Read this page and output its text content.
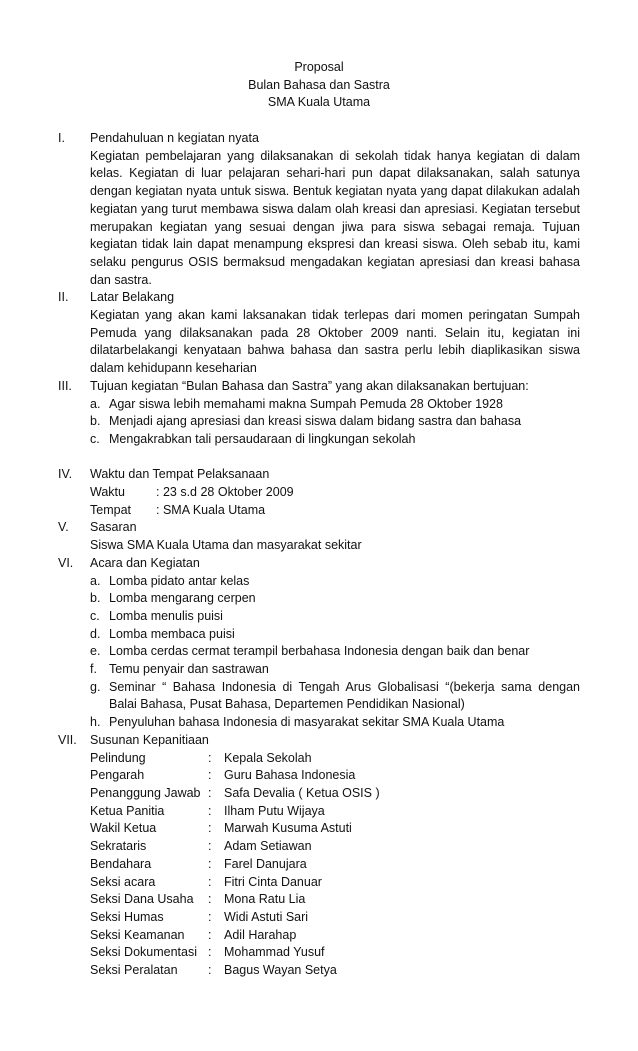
Proposal
Bulan Bahasa dan Sastra
SMA Kuala Utama
I. Pendahuluan n kegiatan nyata
Kegiatan pembelajaran yang dilaksanakan di sekolah tidak hanya kegiatan di dalam kelas. Kegiatan di luar pelajaran sehari-hari pun dapat dilaksanakan, salah satunya dengan kegiatan nyata untuk siswa. Bentuk kegiatan nyata yang dapat dilakukan adalah kegiatan yang turut membawa siswa dalam olah kreasi dan apresiasi. Kegiatan tersebut merupakan kegiatan yang sesuai dengan jiwa para siswa sebagai remaja. Tujuan kegiatan tidak lain dapat menampung ekspresi dan kreasi siswa. Oleh sebab itu, kami selaku pengurus OSIS bermaksud mengadakan kegiatan apresiasi dan kreasi bahasa dan sastra.
II. Latar Belakang
Kegiatan yang akan kami laksanakan tidak terlepas dari momen peringatan Sumpah Pemuda yang dilaksanakan pada 28 Oktober 2009 nanti. Selain itu, kegiatan ini dilatarbelakangi kenyataan bahwa bahasa dan sastra perlu lebih diaplikasikan siswa dalam kehidupann keseharian
III. Tujuan kegiatan “Bulan Bahasa dan Sastra” yang akan dilaksanakan bertujuan:
a. Agar siswa lebih memahami makna Sumpah Pemuda 28 Oktober 1928
b. Menjadi ajang apresiasi dan kreasi siswa dalam bidang sastra dan bahasa
c. Mengakrabkan tali persaudaraan di lingkungan sekolah
IV. Waktu dan Tempat Pelaksanaan
Waktu	: 23 s.d 28 Oktober 2009
Tempat	: SMA Kuala Utama
V. Sasaran
Siswa SMA Kuala Utama dan masyarakat sekitar
VI. Acara dan Kegiatan
a. Lomba pidato antar kelas
b. Lomba mengarang cerpen
c. Lomba menulis puisi
d. Lomba membaca puisi
e. Lomba cerdas cermat terampil berbahasa Indonesia dengan baik dan benar
f. Temu penyair dan sastrawan
g. Seminar “ Bahasa Indonesia di Tengah Arus Globalisasi “(bekerja sama dengan Balai Bahasa, Pusat Bahasa, Departemen Pendidikan Nasional)
h. Penyuluhan bahasa Indonesia di masyarakat sekitar SMA Kuala Utama
VII. Susunan Kepanitiaan
Pelindung	:	Kepala Sekolah
Pengarah	:	Guru Bahasa Indonesia
Penanggung Jawab :	Safa Devalia ( Ketua OSIS )
Ketua Panitia	:	Ilham Putu Wijaya
Wakil Ketua	:	Marwah Kusuma Astuti
Sekrataris	:	Adam Setiawan
Bendahara	:	Farel Danujara
Seksi acara	:	Fitri Cinta Danuar
Seksi Dana Usaha	:	Mona Ratu Lia
Seksi Humas	:	Widi Astuti Sari
Seksi Keamanan	:	Adil Harahap
Seksi Dokumentasi :	Mohammad Yusuf
Seksi Peralatan	:	Bagus Wayan Setya
